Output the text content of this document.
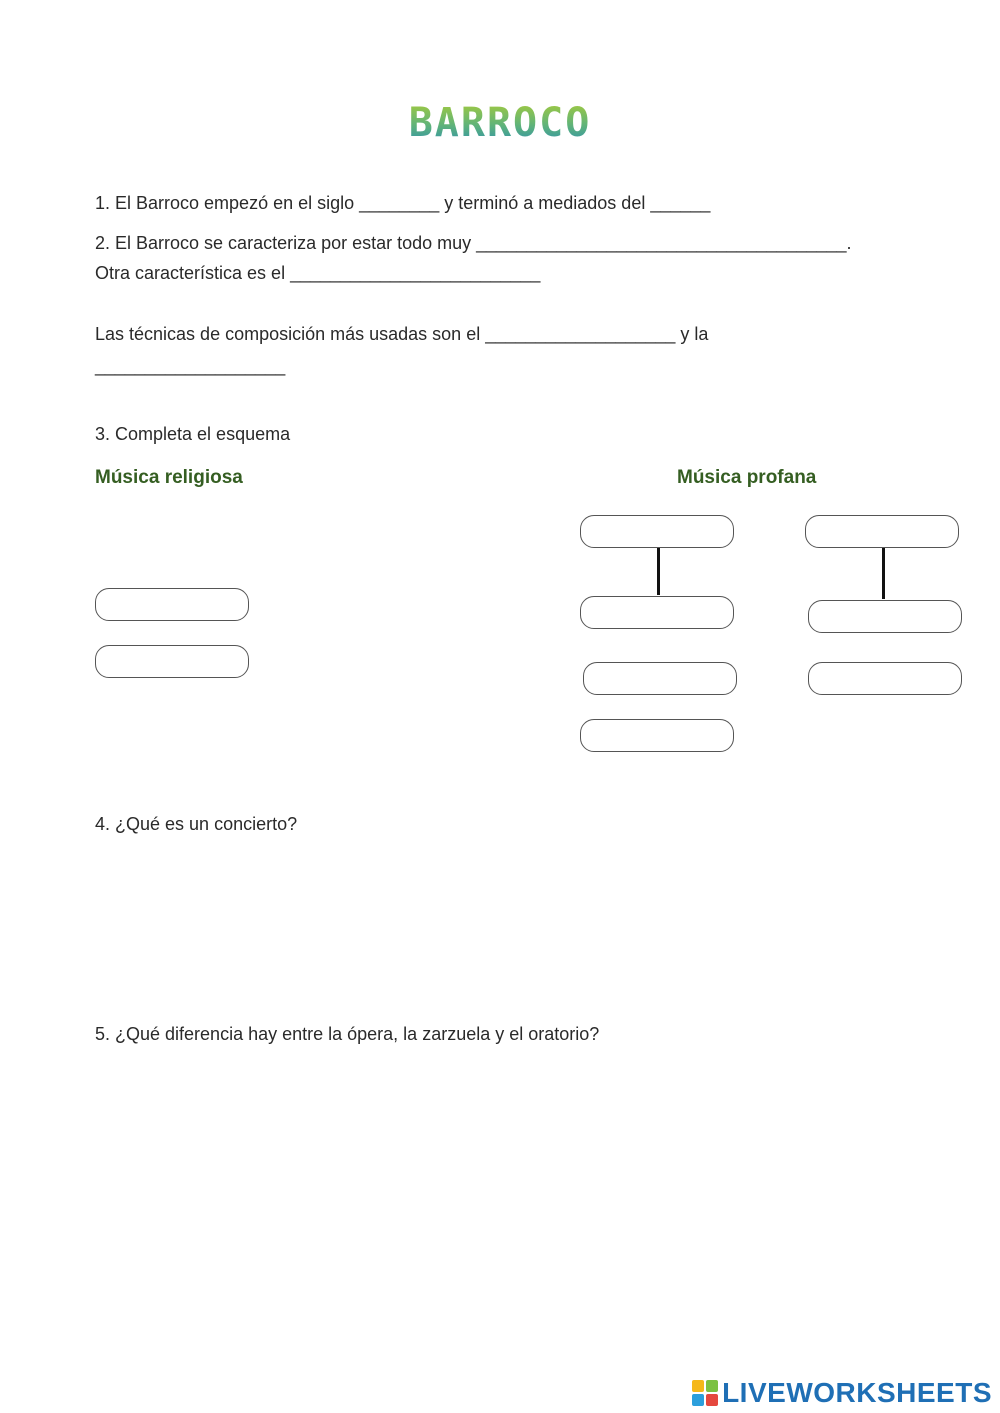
BARROCO
1. El Barroco empezó en el siglo ________ y terminó a mediados del ______
2. El Barroco se caracteriza por estar todo muy _____________________________________.
Otra característica es el _________________________
Las técnicas de composición más usadas son el ___________________ y la
___________________
3. Completa el esquema
Música religiosa	Música profana
4. ¿Qué es un concierto?
5. ¿Qué diferencia hay entre la ópera, la zarzuela y el oratorio?
LIVEWORKSHEETS
